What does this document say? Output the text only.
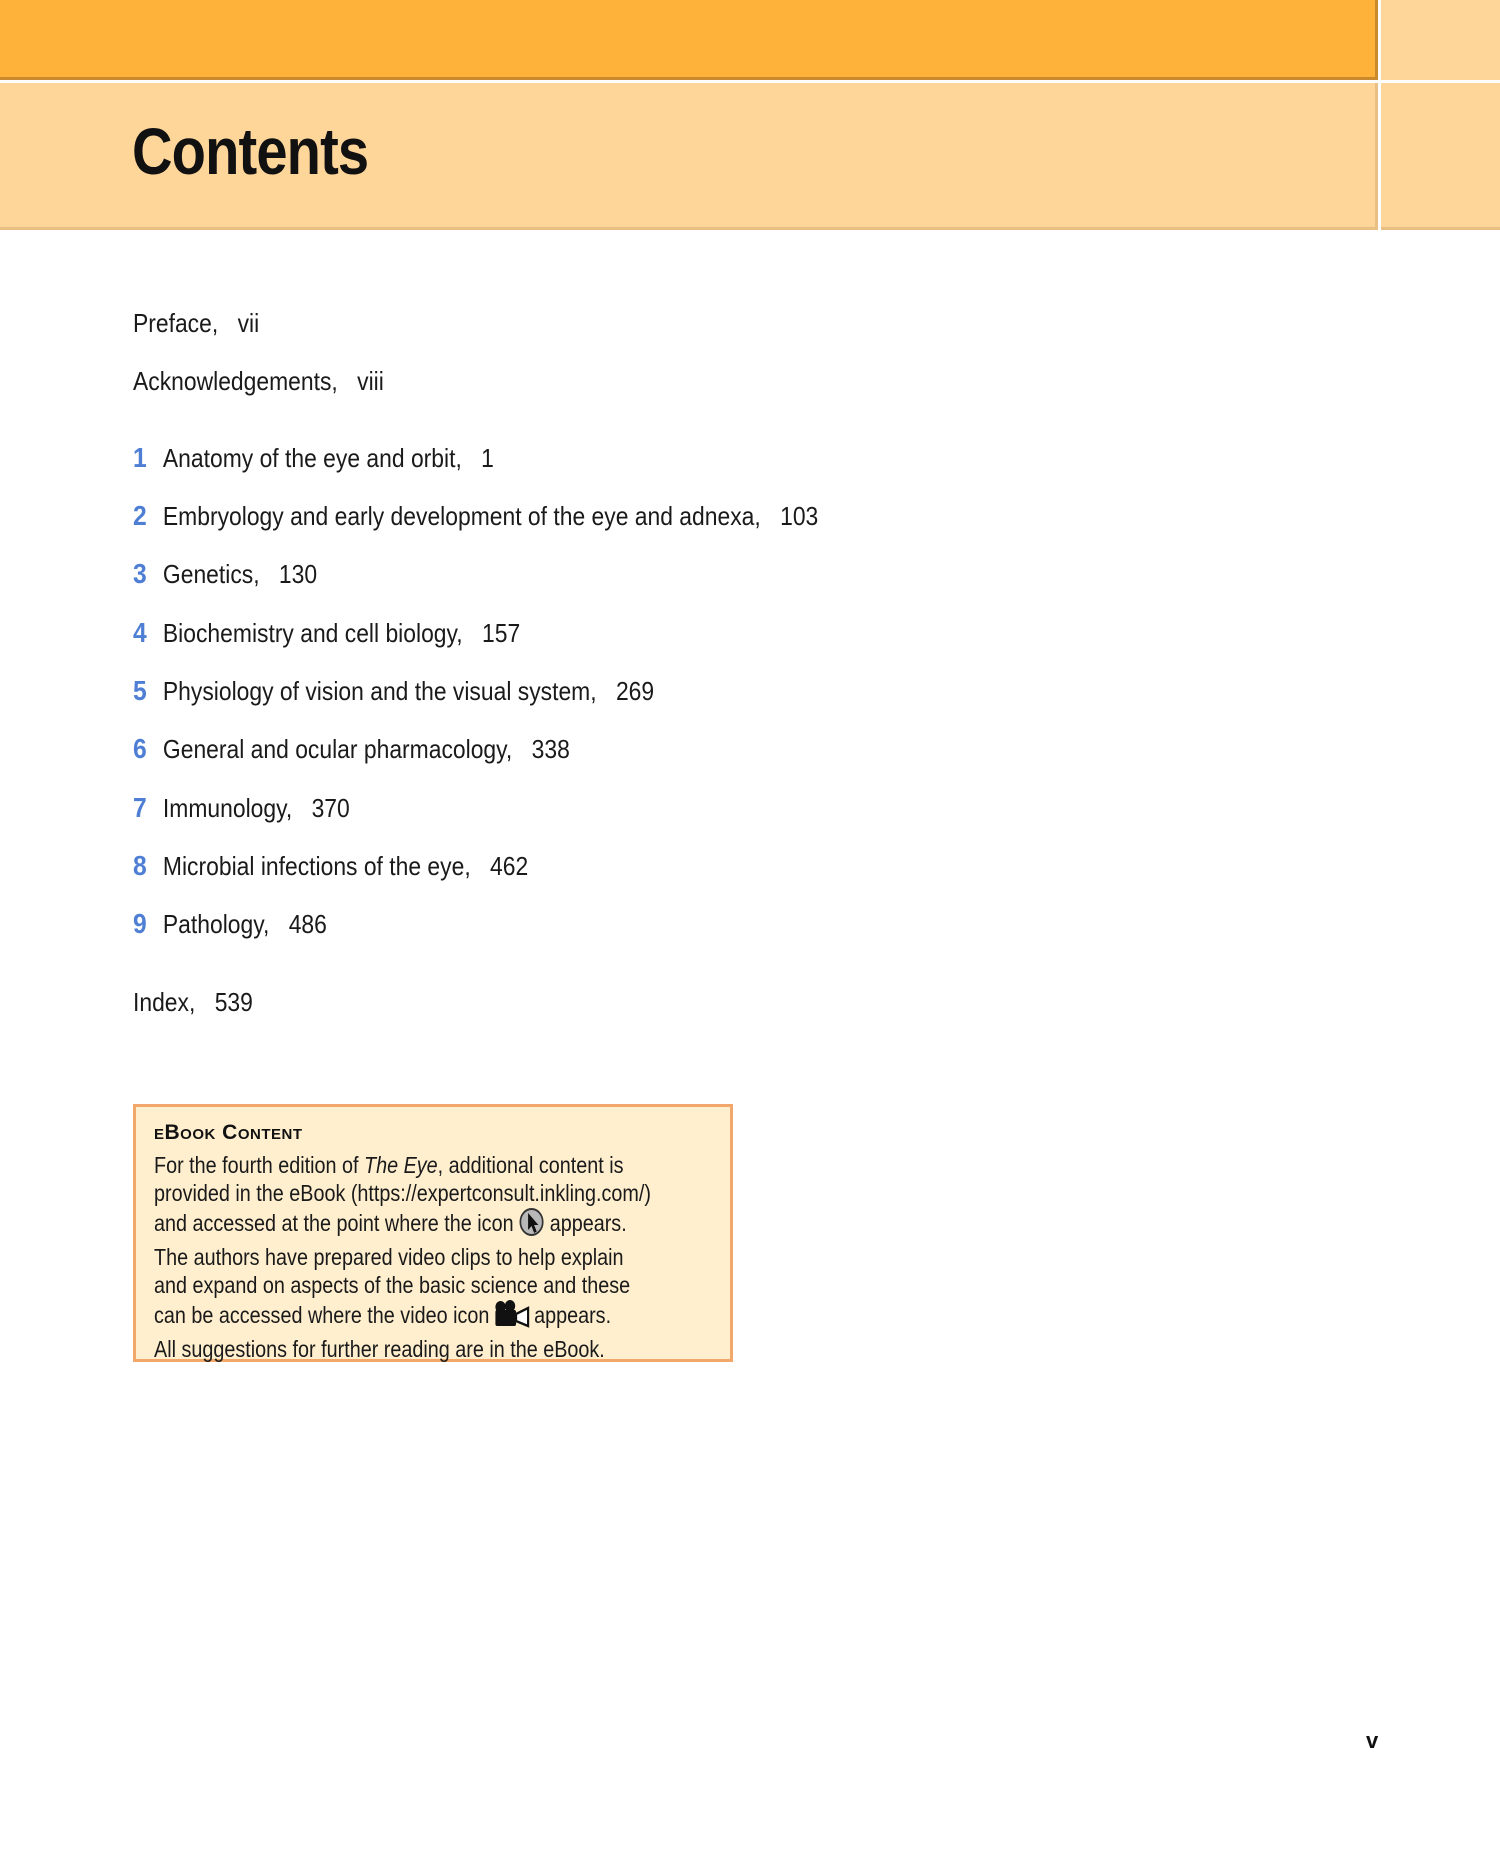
Contents
Preface, vii
Acknowledgements, viii
1 Anatomy of the eye and orbit, 1
2 Embryology and early development of the eye and adnexa, 103
3 Genetics, 130
4 Biochemistry and cell biology, 157
5 Physiology of vision and the visual system, 269
6 General and ocular pharmacology, 338
7 Immunology, 370
8 Microbial infections of the eye, 462
9 Pathology, 486
Index, 539
eBook Content
For the fourth edition of The Eye, additional content is
provided in the eBook (https://expertconsult.inkling.com/)
and accessed at the point where the icon appears.
The authors have prepared video clips to help explain
and expand on aspects of the basic science and these
can be accessed where the video icon appears.
All suggestions for further reading are in the eBook.
v
